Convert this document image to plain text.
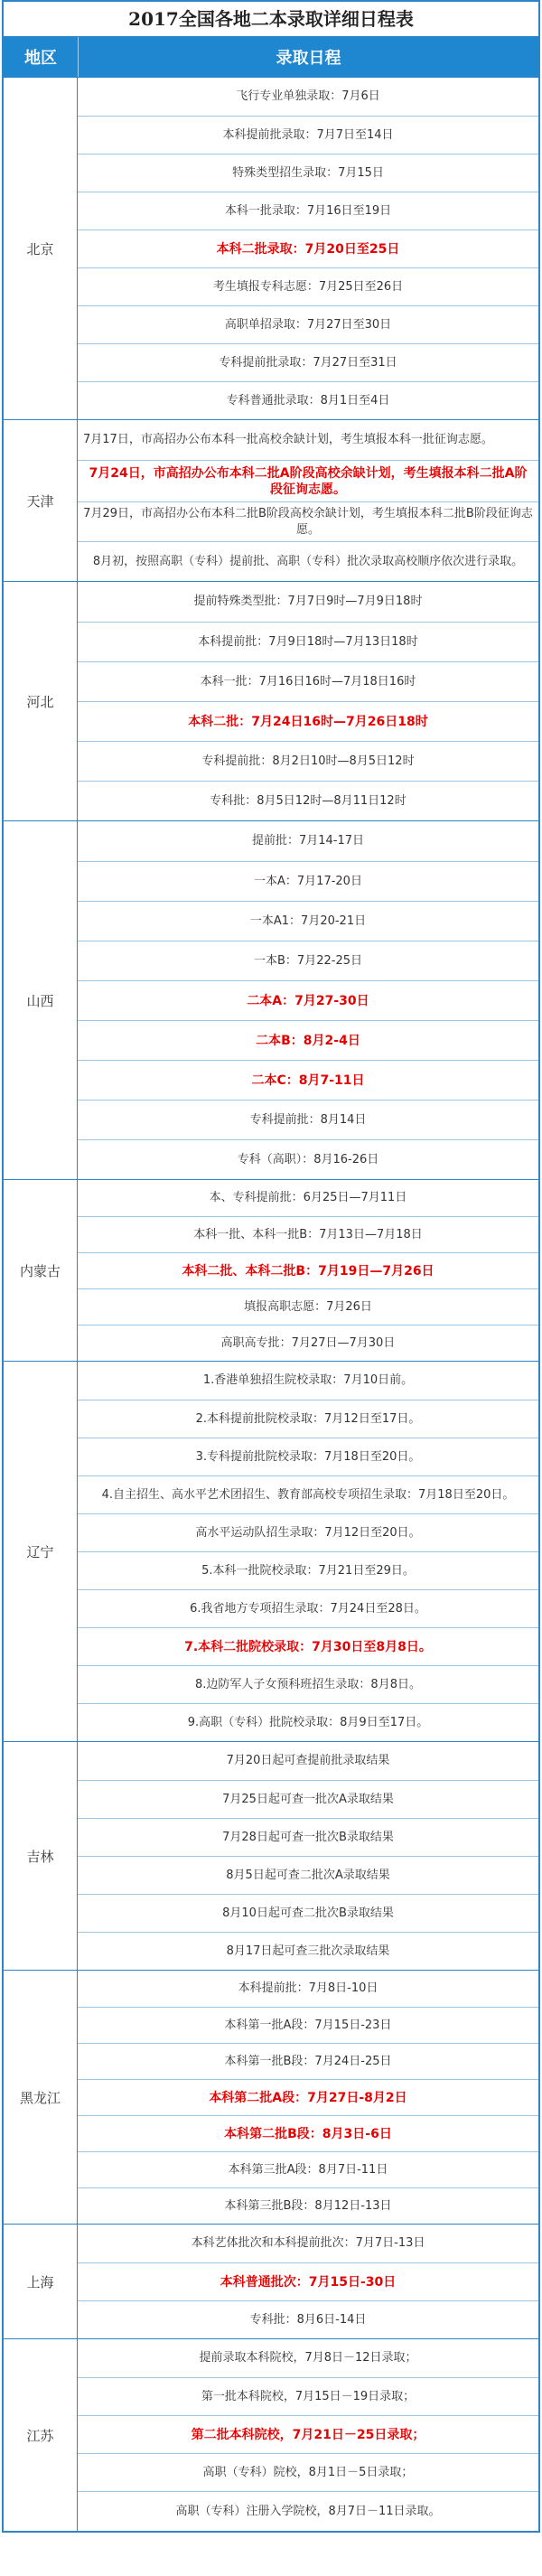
2017全国各地二本录取详细日程表
地区	录取日程
北京
飞行专业单独录取：7月6日
本科提前批录取：7月7日至14日
特殊类型招生录取：7月15日
本科一批录取：7月16日至19日
本科二批录取：7月20日至25日
考生填报专科志愿：7月25日至26日
高职单招录取：7月27日至30日
专科提前批录取：7月27日至31日
专科普通批录取：8月1日至4日
天津
7月17日，市高招办公布本科一批高校余缺计划，考生填报本科一批征询志愿。
7月24日，市高招办公布本科二批A阶段高校余缺计划，考生填报本科二批A阶段征询志愿。
7月29日，市高招办公布本科二批B阶段高校余缺计划，考生填报本科二批B阶段征询志愿。
8月初，按照高职（专科）提前批、高职（专科）批次录取高校顺序依次进行录取。
河北
提前特殊类型批：7月7日9时—7月9日18时
本科提前批：7月9日18时—7月13日18时
本科一批：7月16日16时—7月18日16时
本科二批：7月24日16时—7月26日18时
专科提前批：8月2日10时—8月5日12时
专科批：8月5日12时—8月11日12时
山西
提前批：7月14-17日
一本A：7月17-20日
一本A1：7月20-21日
一本B：7月22-25日
二本A：7月27-30日
二本B：8月2-4日
二本C：8月7-11日
专科提前批：8月14日
专科（高职）：8月16-26日
内蒙古
本、专科提前批：6月25日—7月11日
本科一批、本科一批B：7月13日—7月18日
本科二批、本科二批B：7月19日—7月26日
填报高职志愿：7月26日
高职高专批：7月27日—7月30日
辽宁
1.香港单独招生院校录取：7月10日前。
2.本科提前批院校录取：7月12日至17日。
3.专科提前批院校录取：7月18日至20日。
4.自主招生、高水平艺术团招生、教育部高校专项招生录取：7月18日至20日。
高水平运动队招生录取：7月12日至20日。
5.本科一批院校录取：7月21日至29日。
6.我省地方专项招生录取：7月24日至28日。
7.本科二批院校录取：7月30日至8月8日。
8.边防军人子女预科班招生录取：8月8日。
9.高职（专科）批院校录取：8月9日至17日。
吉林
7月20日起可查提前批录取结果
7月25日起可查一批次A录取结果
7月28日起可查一批次B录取结果
8月5日起可查二批次A录取结果
8月10日起可查二批次B录取结果
8月17日起可查三批次录取结果
黑龙江
本科提前批：7月8日-10日
本科第一批A段：7月15日-23日
本科第一批B段：7月24日-25日
本科第二批A段：7月27日-8月2日
本科第二批B段：8月3日-6日
本科第三批A段：8月7日-11日
本科第三批B段：8月12日-13日
上海
本科艺体批次和本科提前批次：7月7日-13日
本科普通批次：7月15日-30日
专科批：8月6日-14日
江苏
提前录取本科院校，7月8日－12日录取；
第一批本科院校，7月15日－19日录取；
第二批本科院校，7月21日－25日录取；
高职（专科）院校，8月1日－5日录取；
高职（专科）注册入学院校，8月7日－11日录取。
